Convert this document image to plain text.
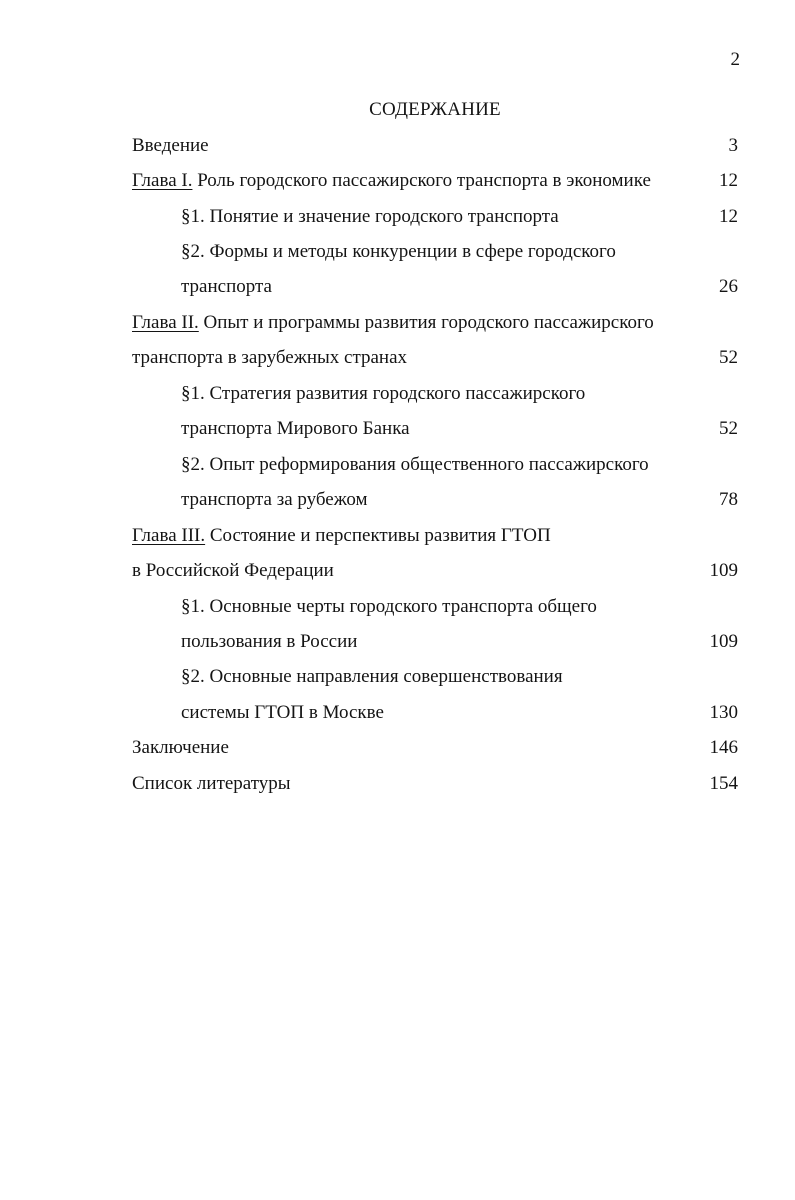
2
СОДЕРЖАНИЕ
Введение	3
Глава I. Роль городского пассажирского транспорта в экономике	12
§1. Понятие и значение городского транспорта	12
§2. Формы и методы конкуренции в сфере городского
транспорта	26
Глава II. Опыт и программы развития городского пассажирского
транспорта в зарубежных странах	52
§1. Стратегия развития городского пассажирского
транспорта Мирового Банка	52
§2. Опыт реформирования общественного пассажирского
транспорта за рубежом	78
Глава III. Состояние и перспективы развития ГТОП
в Российской Федерации	109
§1. Основные черты городского транспорта общего
пользования в России	109
§2. Основные направления совершенствования
системы ГТОП в Москве	130
Заключение	146
Список литературы	154
